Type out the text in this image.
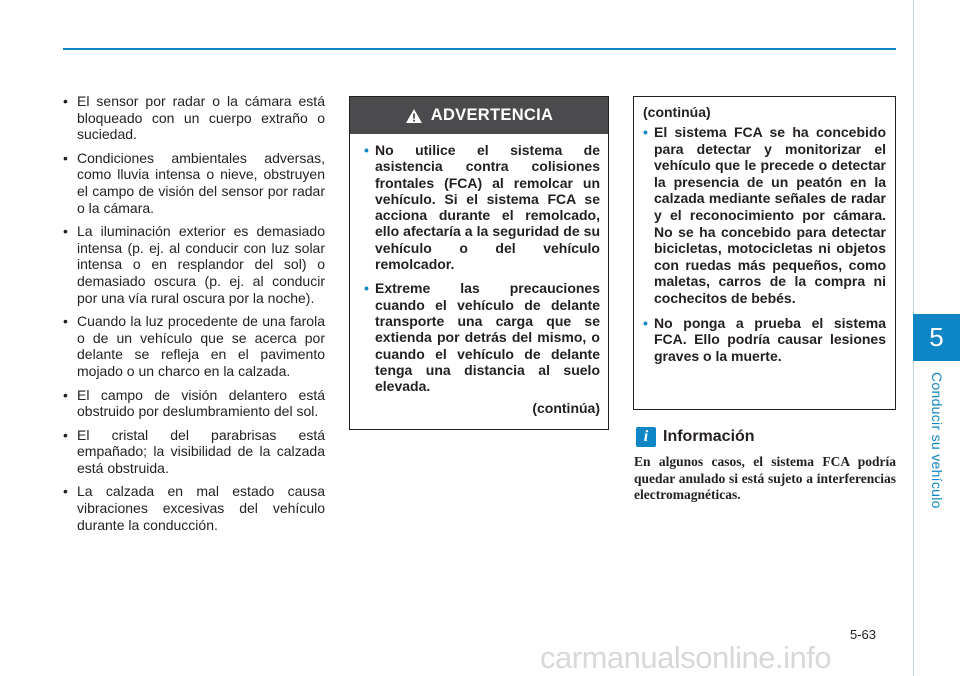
5
Conducir su vehículo
• El sensor por radar o la cámara está bloqueado con un cuerpo extraño o suciedad.
• Condiciones ambientales adversas, como lluvia intensa o nieve, obstruyen el campo de visión del sensor por radar o la cámara.
• La iluminación exterior es demasiado intensa (p. ej. al conducir con luz solar intensa o en resplandor del sol) o demasiado oscura (p. ej. al conducir por una vía rural oscura por la noche).
• Cuando la luz procedente de una farola o de un vehículo que se acerca por delante se refleja en el pavimento mojado o un charco en la calzada.
• El campo de visión delantero está obstruido por deslumbramiento del sol.
• El cristal del parabrisas está empañado; la visibilidad de la calzada está obstruida.
• La calzada en mal estado causa vibraciones excesivas del vehículo durante la conducción.
ADVERTENCIA
• No utilice el sistema de asistencia contra colisiones frontales (FCA) al remolcar un vehículo. Si el sistema FCA se acciona durante el remolcado, ello afectaría a la seguridad de su vehículo o del vehículo remolcador.
• Extreme las precauciones cuando el vehículo de delante transporte una carga que se extienda por detrás del mismo, o cuando el vehículo de delante tenga una distancia al suelo elevada.
(continúa)
(continúa)
• El sistema FCA se ha concebido para detectar y monitorizar el vehículo que le precede o detectar la presencia de un peatón en la calzada mediante señales de radar y el reconocimiento por cámara. No se ha concebido para detectar bicicletas, motocicletas ni objetos con ruedas más pequeños, como maletas, carros de la compra ni cochecitos de bebés.
• No ponga a prueba el sistema FCA. Ello podría causar lesiones graves o la muerte.
i Información
En algunos casos, el sistema FCA podría quedar anulado si está sujeto a interferencias electromagnéticas.
5-63
carmanualsonline.info
